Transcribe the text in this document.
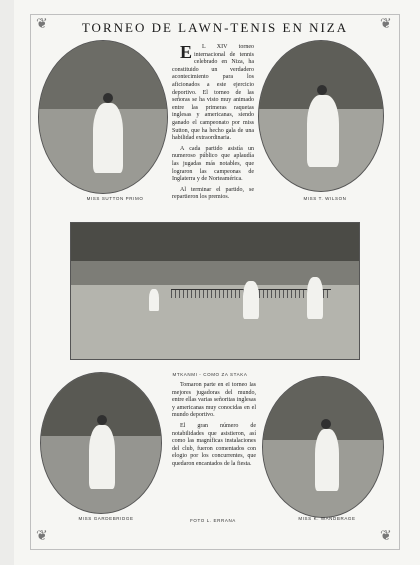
TORNEO DE LAWN-TENIS EN NIZA
MISS SUTTON PRIMO	MISS T. WILSON

E L XIV torneo internacional de tennis celebrado en Niza, ha constituido un verdadero acontecimiento para los aficionados a este ejercicio deportivo. El torneo de las señoras se ha visto muy animado entre las primeras raquetas inglesas y americanas, siendo ganado el campeonato por miss Sutton, que ha hecho gala de una habilidad extraordinaria.

A cada partido asistía un numeroso público que aplaudía las jugadas más notables, que lograron las campeonas de Inglaterra y de Norteamérica.

Al terminar el partido, se repartieron los premios.

MTKANMI - COMO ZA STAKA
MISS GARDEBRIDGE	MISS K. WANDBRAGE

Tomaron parte en el torneo las mejores jugadoras del mundo, entre ellas varias señoritas inglesas y americanas muy conocidas en el mundo deportivo.

El gran número de notabilidades que asistieron, así como las magníficas instalaciones del club, fueron comentados con elogio por los concurrentes, que quedaron encantados de la fiesta.

FOTO L. ERRANA
❦	❦
❦	❦
